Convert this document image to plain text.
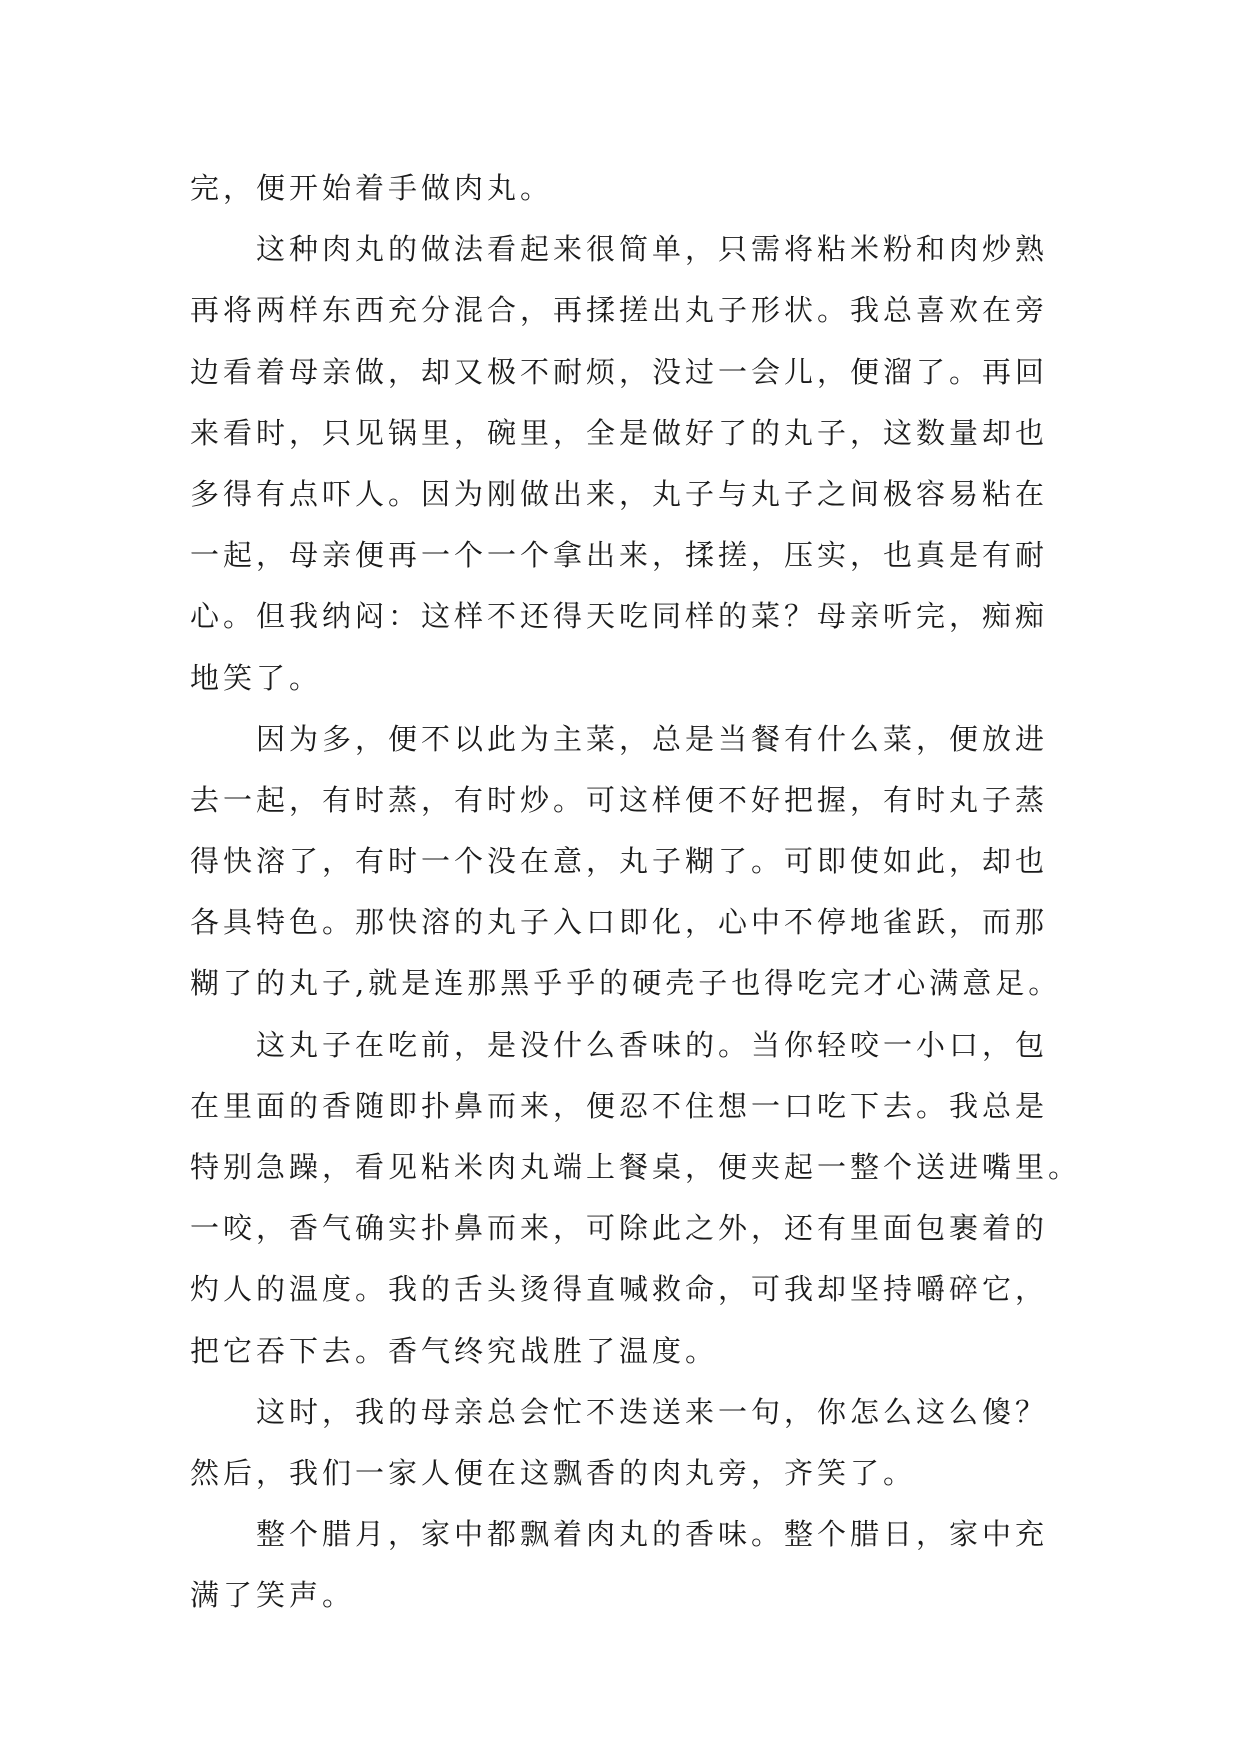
完，便开始着手做肉丸。
这种肉丸的做法看起来很简单，只需将粘米粉和肉炒熟
再将两样东西充分混合，再揉搓出丸子形状。我总喜欢在旁
边看着母亲做，却又极不耐烦，没过一会儿，便溜了。再回
来看时，只见锅里，碗里，全是做好了的丸子，这数量却也
多得有点吓人。因为刚做出来，丸子与丸子之间极容易粘在
一起，母亲便再一个一个拿出来，揉搓，压实，也真是有耐
心。但我纳闷：这样不还得天吃同样的菜？母亲听完，痴痴
地笑了。
因为多，便不以此为主菜，总是当餐有什么菜，便放进
去一起，有时蒸，有时炒。可这样便不好把握，有时丸子蒸
得快溶了，有时一个没在意，丸子糊了。可即使如此，却也
各具特色。那快溶的丸子入口即化，心中不停地雀跃，而那
糊了的丸子,就是连那黑乎乎的硬壳子也得吃完才心满意足。
这丸子在吃前，是没什么香味的。当你轻咬一小口，包
在里面的香随即扑鼻而来，便忍不住想一口吃下去。我总是
特别急躁，看见粘米肉丸端上餐桌，便夹起一整个送进嘴里。
一咬，香气确实扑鼻而来，可除此之外，还有里面包裹着的
灼人的温度。我的舌头烫得直喊救命，可我却坚持嚼碎它，
把它吞下去。香气终究战胜了温度。
这时，我的母亲总会忙不迭送来一句，你怎么这么傻？
然后，我们一家人便在这飘香的肉丸旁，齐笑了。
整个腊月，家中都飘着肉丸的香味。整个腊日，家中充
满了笑声。
